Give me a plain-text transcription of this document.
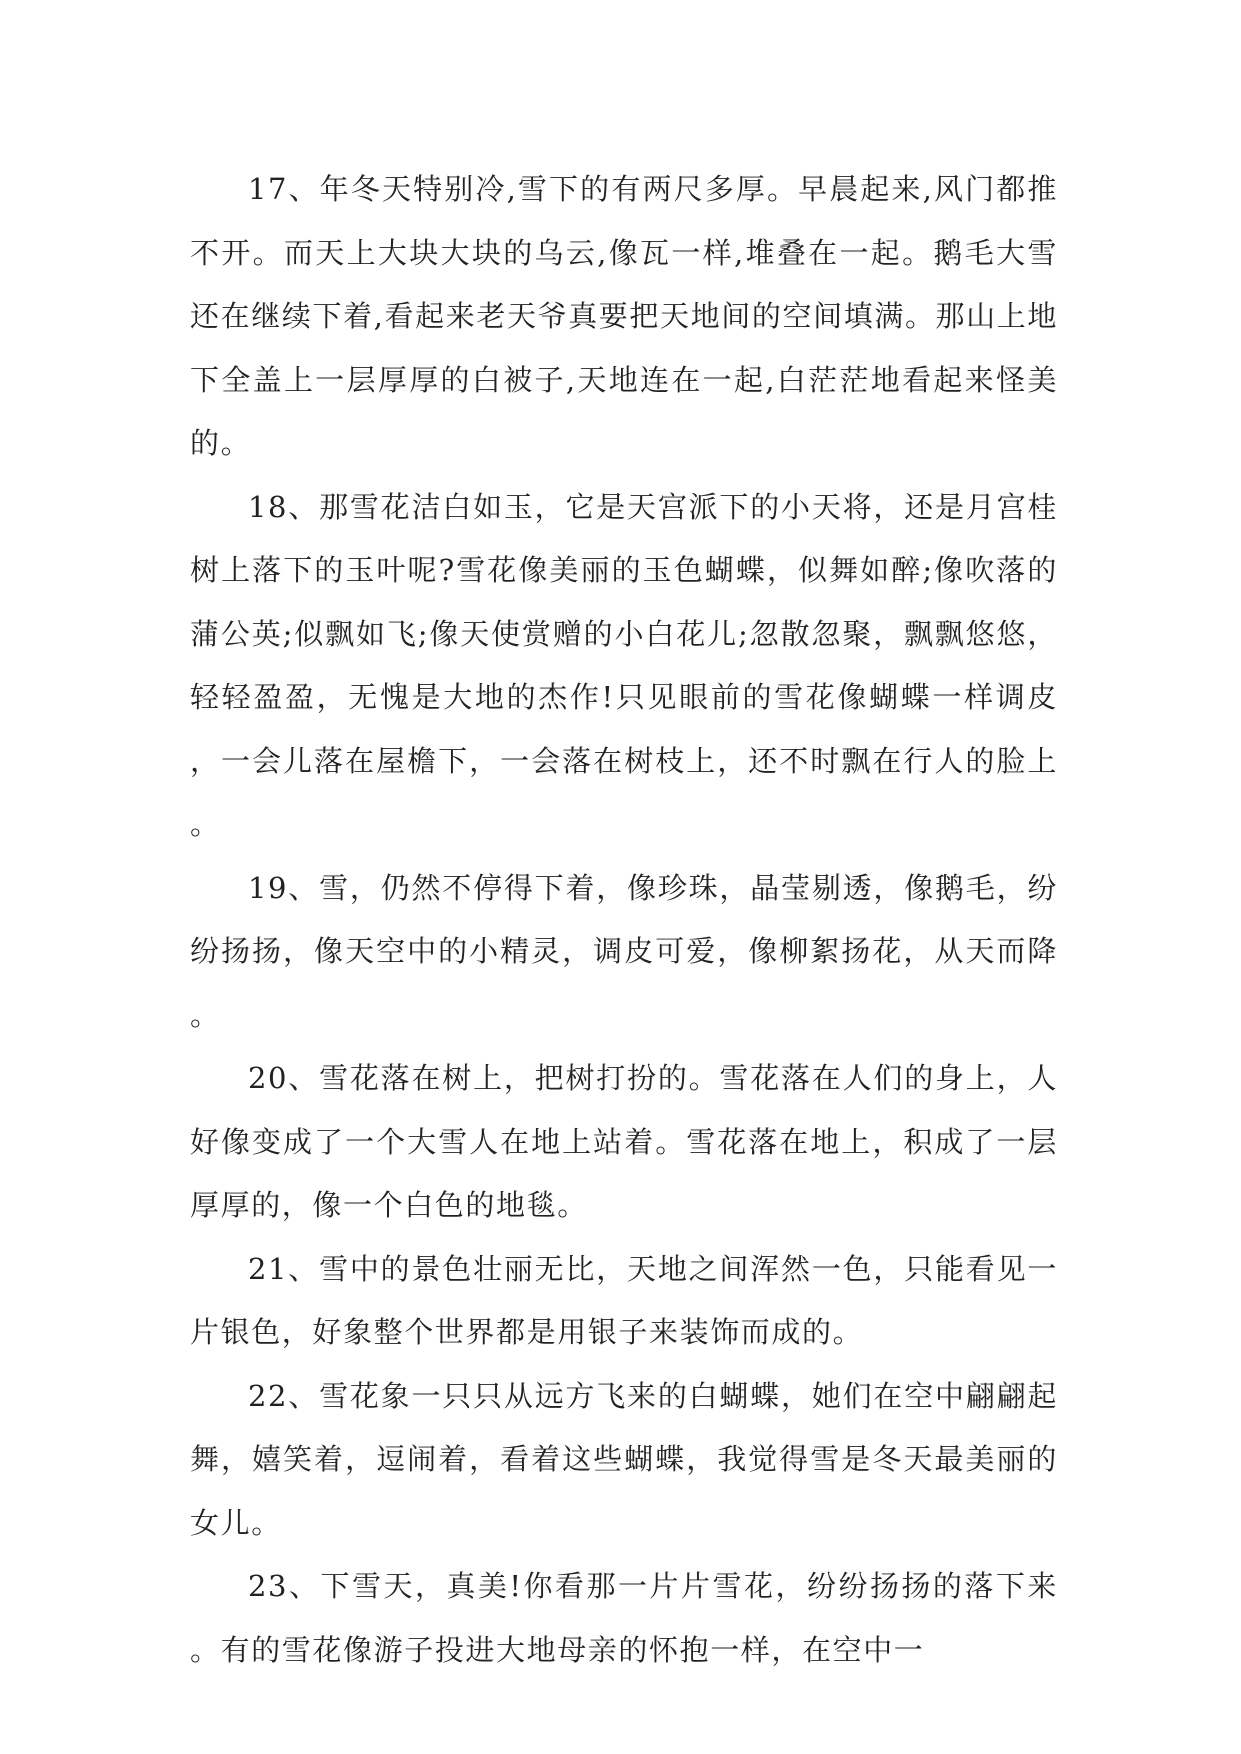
17、年冬天特别冷,雪下的有两尺多厚。早晨起来,风门都推不开。而天上大块大块的乌云,像瓦一样,堆叠在一起。鹅毛大雪还在继续下着,看起来老天爷真要把天地间的空间填满。那山上地下全盖上一层厚厚的白被子,天地连在一起,白茫茫地看起来怪美的。

18、那雪花洁白如玉，它是天宫派下的小天将，还是月宫桂树上落下的玉叶呢?雪花像美丽的玉色蝴蝶，似舞如醉;像吹落的蒲公英;似飘如飞;像天使赏赠的小白花儿;忽散忽聚，飘飘悠悠，轻轻盈盈，无愧是大地的杰作!只见眼前的雪花像蝴蝶一样调皮，一会儿落在屋檐下，一会落在树枝上，还不时飘在行人的脸上。

19、雪，仍然不停得下着，像珍珠，晶莹剔透，像鹅毛，纷纷扬扬，像天空中的小精灵，调皮可爱，像柳絮扬花，从天而降。

20、雪花落在树上，把树打扮的。雪花落在人们的身上，人好像变成了一个大雪人在地上站着。雪花落在地上，积成了一层厚厚的，像一个白色的地毯。

21、雪中的景色壮丽无比，天地之间浑然一色，只能看见一片银色，好象整个世界都是用银子来装饰而成的。

22、雪花象一只只从远方飞来的白蝴蝶，她们在空中翩翩起舞，嬉笑着，逗闹着，看着这些蝴蝶，我觉得雪是冬天最美丽的女儿。

23、下雪天，真美!你看那一片片雪花，纷纷扬扬的落下来。有的雪花像游子投进大地母亲的怀抱一样，在空中一
